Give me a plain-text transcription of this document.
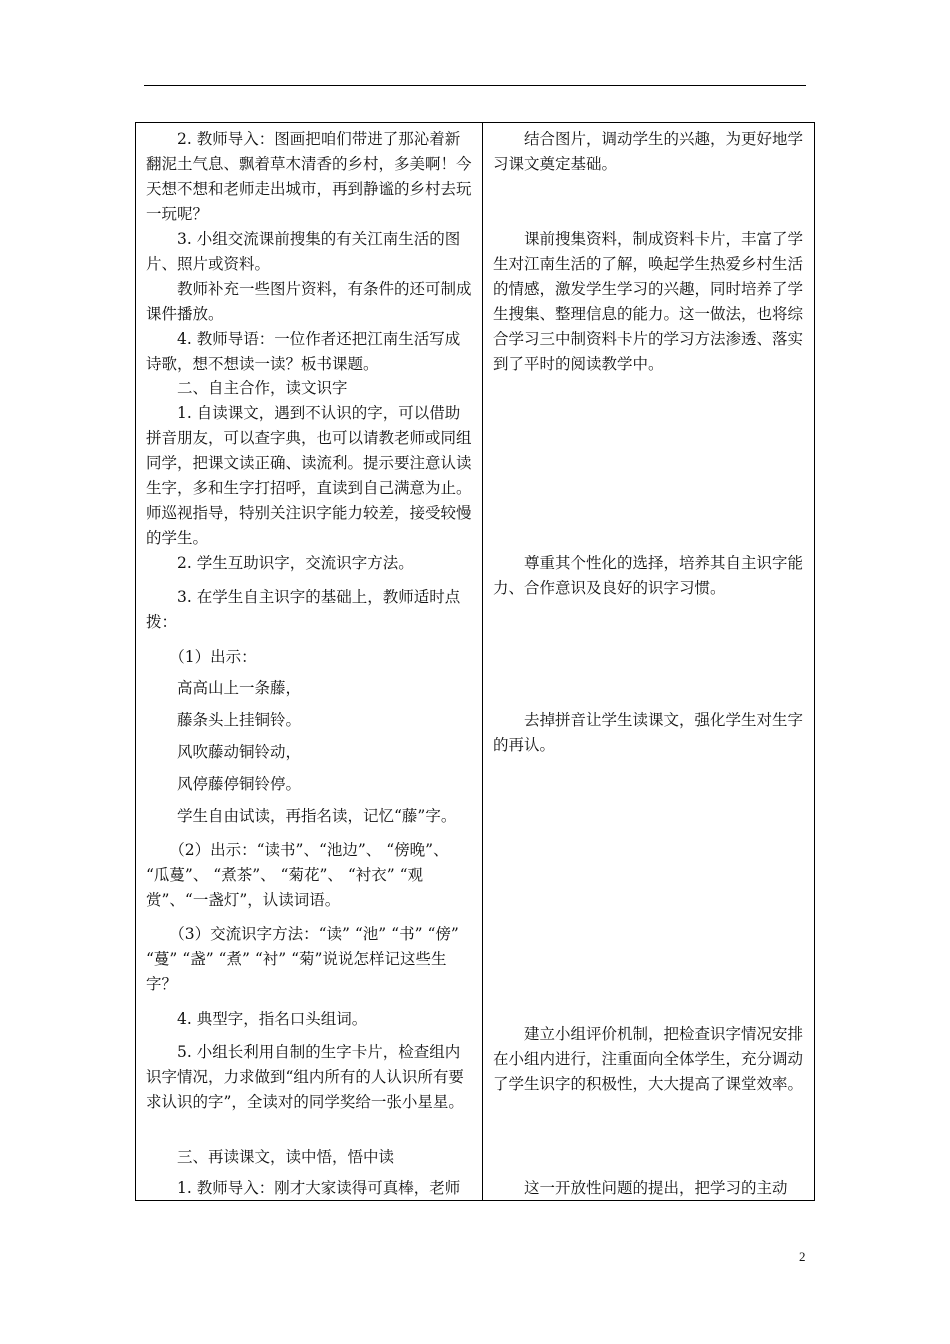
　　2. 教师导入：图画把咱们带进了那沁着新翻泥土气息、飘着草木清香的乡村，多美啊！今天想不想和老师走出城市，再到静谧的乡村去玩一玩呢？

　　3. 小组交流课前搜集的有关江南生活的图片、照片或资料。

　　教师补充一些图片资料，有条件的还可制成课件播放。

　　4. 教师导语：一位作者还把江南生活写成诗歌，想不想读一读？板书课题。

　　二、自主合作，读文识字

　　1. 自读课文，遇到不认识的字，可以借助拼音朋友，可以查字典，也可以请教老师或同组同学，把课文读正确、读流利。提示要注意认读生字，多和生字打招呼，直读到自己满意为止。师巡视指导，特别关注识字能力较差，接受较慢的学生。

　　2. 学生互助识字，交流识字方法。

　　3. 在学生自主识字的基础上，教师适时点拨：

　　（1）出示：

　　高高山上一条藤，

　　藤条头上挂铜铃。

　　风吹藤动铜铃动，

　　风停藤停铜铃停。

　　学生自由试读，再指名读，记忆“藤”字。

　　（2）出示：“读书”、“池边”、 “傍晚”、 “瓜蔓”、 “煮茶”、 “菊花”、 “衬衣” “观赏”、“一盏灯”，认读词语。

　　（3）交流识字方法：“读” “池” “书” “傍” “蔓” “盏” “煮” “衬” “菊”说说怎样记这些生字？

　　4. 典型字，指名口头组词。

　　5. 小组长利用自制的生字卡片，检查组内识字情况，力求做到“组内所有的人认识所有要求认识的字”，全读对的同学奖给一张小星星。

　　三、再读课文，读中悟，悟中读

　　1. 教师导入：刚才大家读得可真棒，老师

　　结合图片，调动学生的兴趣，为更好地学习课文奠定基础。

　　课前搜集资料，制成资料卡片，丰富了学生对江南生活的了解，唤起学生热爱乡村生活的情感，激发学生学习的兴趣，同时培养了学生搜集、整理信息的能力。这一做法，也将综合学习三中制资料卡片的学习方法渗透、落实到了平时的阅读教学中。

　　尊重其个性化的选择，培养其自主识字能力、合作意识及良好的识字习惯。

　　去掉拼音让学生读课文，强化学生对生字的再认。

　　建立小组评价机制，把检查识字情况安排在小组内进行，注重面向全体学生，充分调动了学生识字的积极性，大大提高了课堂效率。

　　这一开放性问题的提出，把学习的主动

2
